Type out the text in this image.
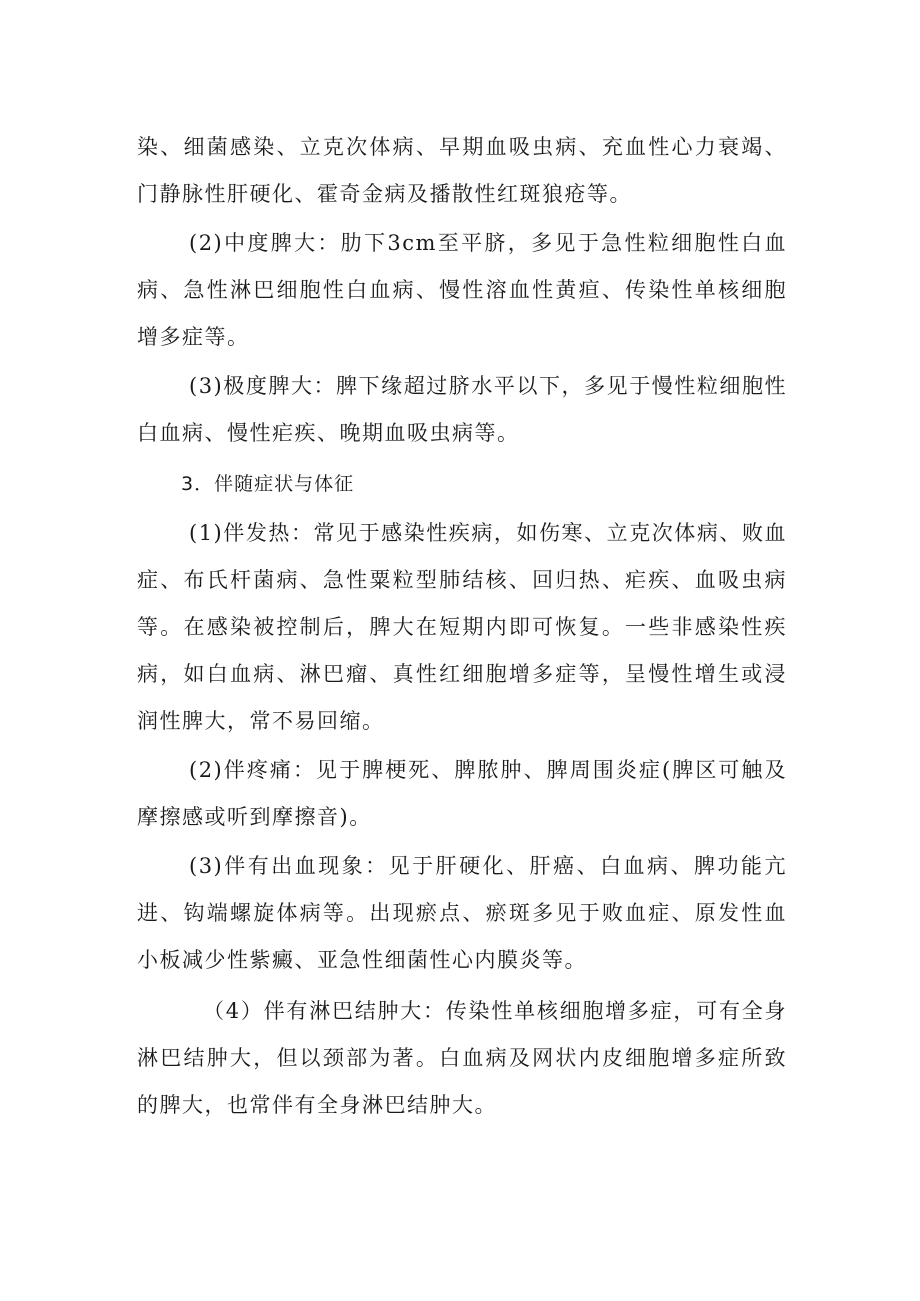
染、细菌感染、立克次体病、早期血吸虫病、充血性心力衰竭、门静脉性肝硬化、霍奇金病及播散性红斑狼疮等。

(2)中度脾大：肋下3cm至平脐，多见于急性粒细胞性白血病、急性淋巴细胞性白血病、慢性溶血性黄疸、传染性单核细胞增多症等。

(3)极度脾大：脾下缘超过脐水平以下，多见于慢性粒细胞性白血病、慢性疟疾、晚期血吸虫病等。

3．伴随症状与体征

(1)伴发热：常见于感染性疾病，如伤寒、立克次体病、败血症、布氏杆菌病、急性粟粒型肺结核、回归热、疟疾、血吸虫病等。在感染被控制后，脾大在短期内即可恢复。一些非感染性疾病，如白血病、淋巴瘤、真性红细胞增多症等，呈慢性增生或浸润性脾大，常不易回缩。

(2)伴疼痛：见于脾梗死、脾脓肿、脾周围炎症(脾区可触及摩擦感或听到摩擦音)。

(3)伴有出血现象：见于肝硬化、肝癌、白血病、脾功能亢进、钩端螺旋体病等。出现瘀点、瘀斑多见于败血症、原发性血小板减少性紫癜、亚急性细菌性心内膜炎等。

（4）伴有淋巴结肿大：传染性单核细胞增多症，可有全身淋巴结肿大，但以颈部为著。白血病及网状内皮细胞增多症所致的脾大，也常伴有全身淋巴结肿大。
